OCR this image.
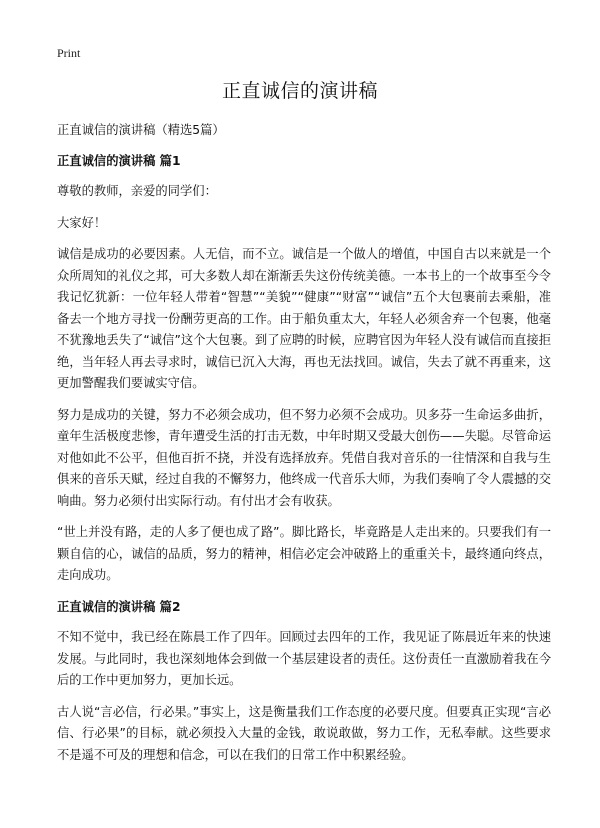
Print
正直诚信的演讲稿

正直诚信的演讲稿（精选5篇）

正直诚信的演讲稿 篇1

尊敬的教师，亲爱的同学们：

大家好！

诚信是成功的必要因素。人无信，而不立。诚信是一个做人的增值，中国自古以来就是一个众所周知的礼仪之邦，可大多数人却在渐渐丢失这份传统美德。一本书上的一个故事至今令我记忆犹新：一位年轻人带着“智慧”“美貌”“健康”“财富”“诚信”五个大包裹前去乘船，准备去一个地方寻找一份酬劳更高的工作。由于船负重太大，年轻人必须舍弃一个包裹，他毫不犹豫地丢失了“诚信”这个大包裹。到了应聘的时候，应聘官因为年轻人没有诚信而直接拒绝，当年轻人再去寻求时，诚信已沉入大海，再也无法找回。诚信，失去了就不再重来，这更加警醒我们要诚实守信。

努力是成功的关键，努力不必须会成功，但不努力必须不会成功。贝多芬一生命运多曲折，童年生活极度悲惨，青年遭受生活的打击无数，中年时期又受最大创伤——失聪。尽管命运对他如此不公平，但他百折不挠，并没有选择放弃。凭借自我对音乐的一往情深和自我与生俱来的音乐天赋，经过自我的不懈努力，他终成一代音乐大师，为我们奏响了令人震撼的交响曲。努力必须付出实际行动。有付出才会有收获。

“世上并没有路，走的人多了便也成了路”。脚比路长，毕竟路是人走出来的。只要我们有一颗自信的心，诚信的品质，努力的精神，相信必定会冲破路上的重重关卡，最终通向终点，走向成功。

正直诚信的演讲稿 篇2

不知不觉中，我已经在陈晨工作了四年。回顾过去四年的工作，我见证了陈晨近年来的快速发展。与此同时，我也深刻地体会到做一个基层建设者的责任。这份责任一直激励着我在今后的工作中更加努力，更加长远。

古人说“言必信，行必果。”事实上，这是衡量我们工作态度的必要尺度。但要真正实现“言必信、行必果”的目标，就必须投入大量的金钱，敢说敢做，努力工作，无私奉献。这些要求不是遥不可及的理想和信念，可以在我们的日常工作中积累经验。
